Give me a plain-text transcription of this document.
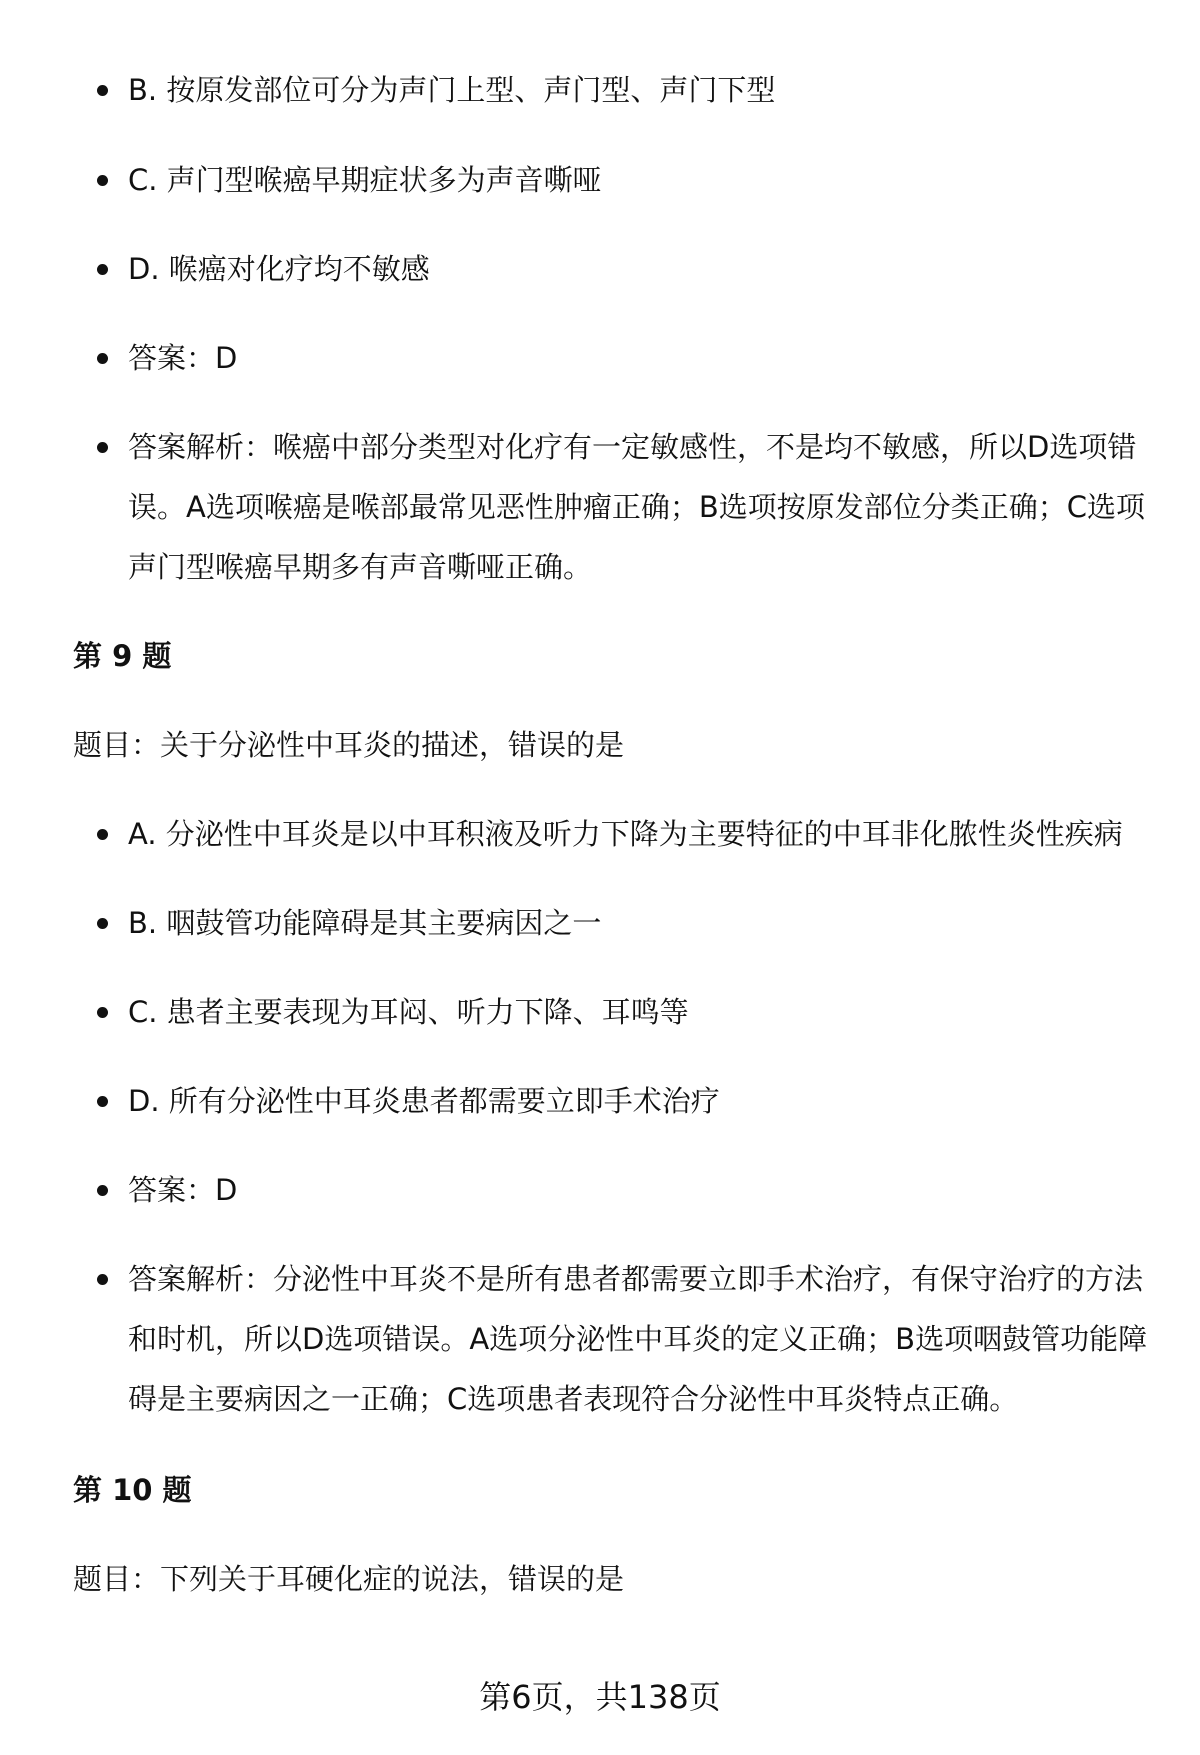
B. 按原发部位可分为声门上型、声门型、声门下型
C. 声门型喉癌早期症状多为声音嘶哑
D. 喉癌对化疗均不敏感
答案：D
答案解析：喉癌中部分类型对化疗有一定敏感性，不是均不敏感，所以D选项错误。A选项喉癌是喉部最常见恶性肿瘤正确；B选项按原发部位分类正确；C选项声门型喉癌早期多有声音嘶哑正确。
第 9 题
题目：关于分泌性中耳炎的描述，错误的是
A. 分泌性中耳炎是以中耳积液及听力下降为主要特征的中耳非化脓性炎性疾病
B. 咽鼓管功能障碍是其主要病因之一
C. 患者主要表现为耳闷、听力下降、耳鸣等
D. 所有分泌性中耳炎患者都需要立即手术治疗
答案：D
答案解析：分泌性中耳炎不是所有患者都需要立即手术治疗，有保守治疗的方法和时机，所以D选项错误。A选项分泌性中耳炎的定义正确；B选项咽鼓管功能障碍是主要病因之一正确；C选项患者表现符合分泌性中耳炎特点正确。
第 10 题
题目：下列关于耳硬化症的说法，错误的是
第6页，共138页
